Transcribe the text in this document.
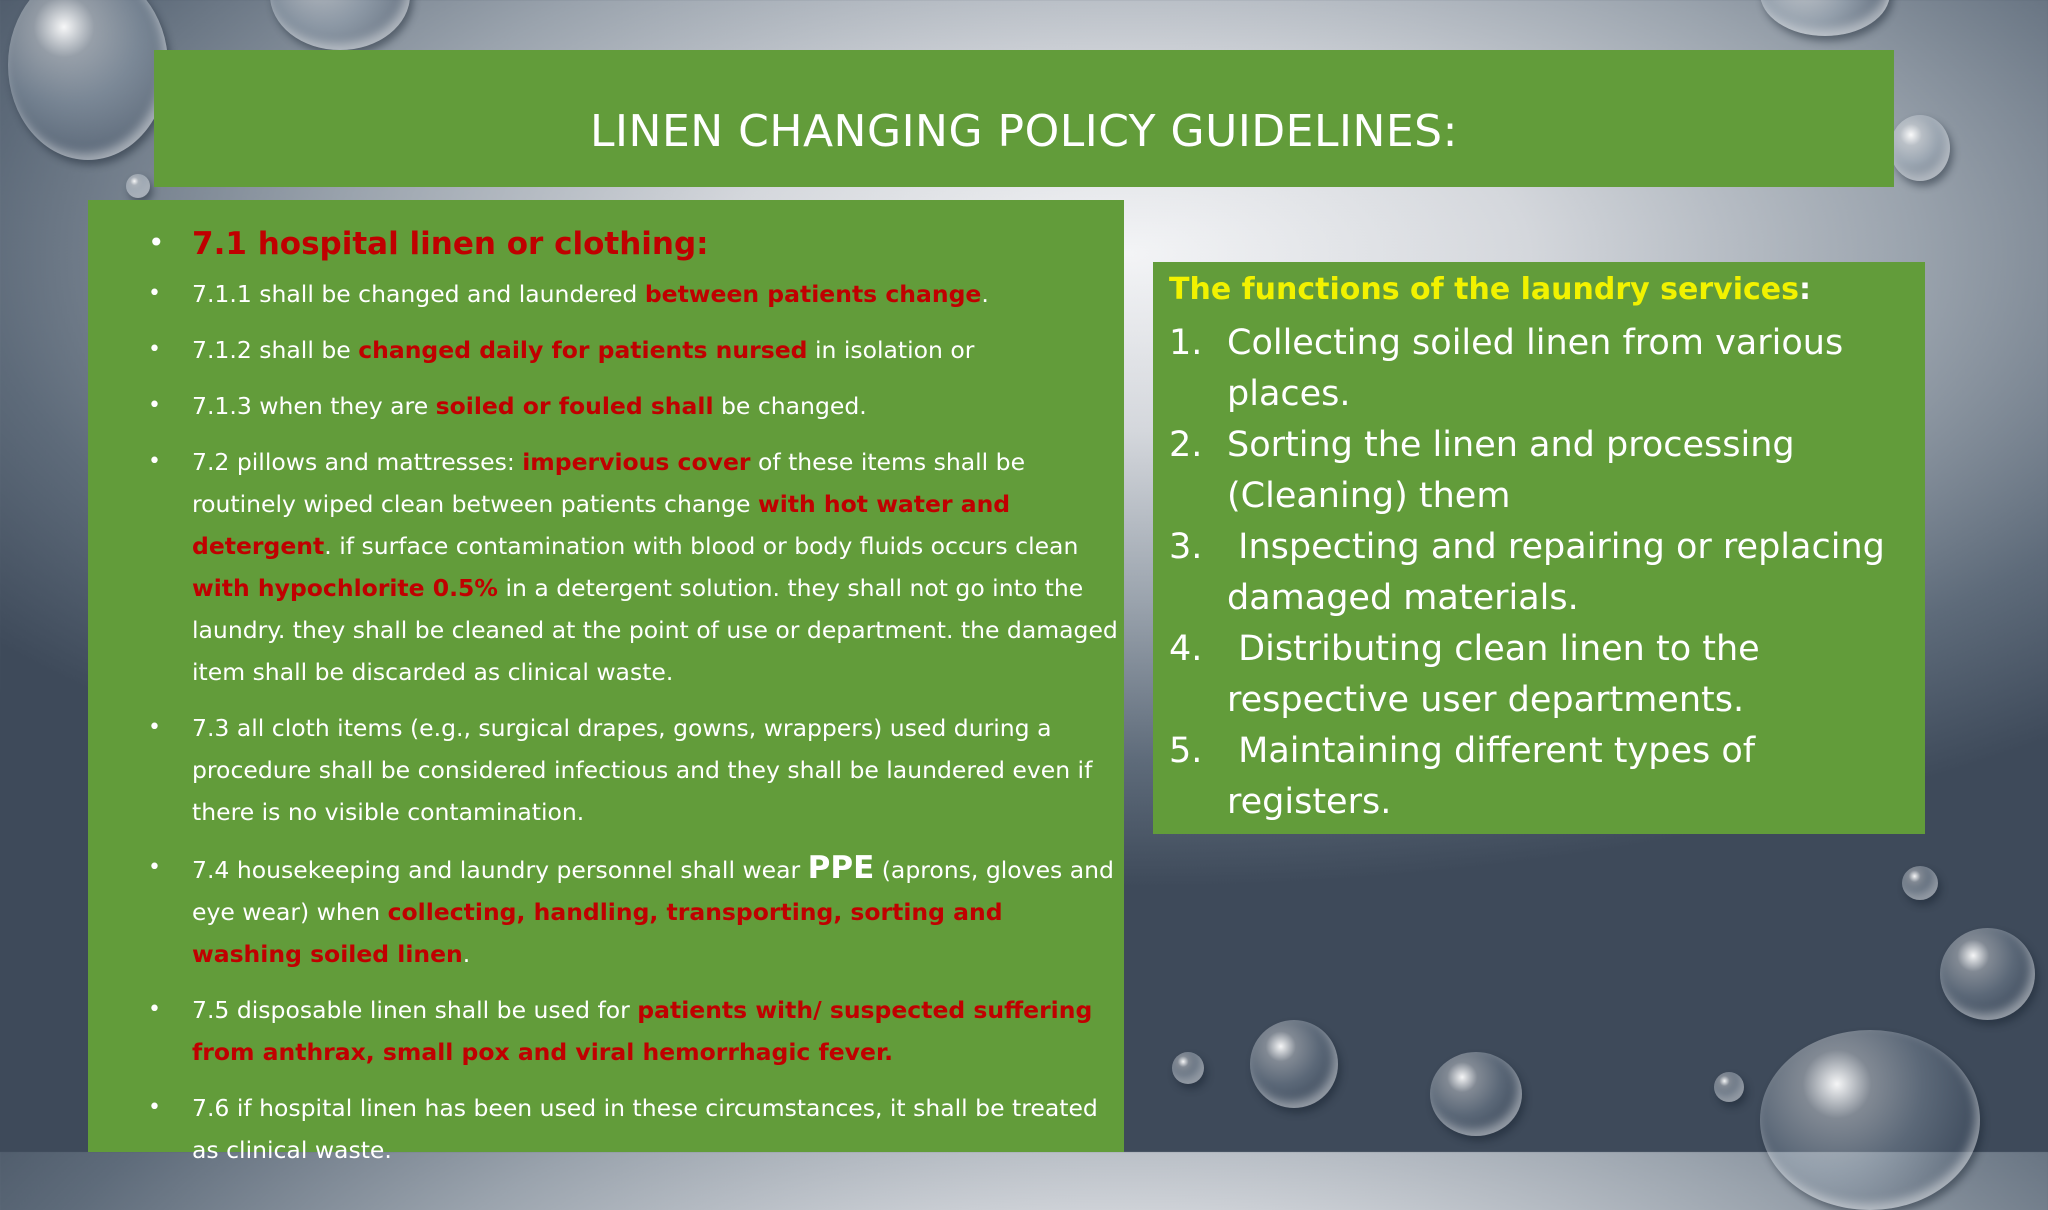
LINEN CHANGING POLICY GUIDELINES:
• 7.1 hospital linen or clothing:
• 7.1.1 shall be changed and laundered between patients change.
• 7.1.2 shall be changed daily for patients nursed in isolation or
• 7.1.3 when they are soiled or fouled shall be changed.
• 7.2 pillows and mattresses: impervious cover of these items shall be routinely wiped clean between patients change with hot water and detergent. if surface contamination with blood or body fluids occurs clean with hypochlorite 0.5% in a detergent solution. they shall not go into the laundry. they shall be cleaned at the point of use or department. the damaged item shall be discarded as clinical waste.
• 7.3 all cloth items (e.g., surgical drapes, gowns, wrappers) used during a procedure shall be considered infectious and they shall be laundered even if there is no visible contamination.
• 7.4 housekeeping and laundry personnel shall wear PPE (aprons, gloves and eye wear) when collecting, handling, transporting, sorting and washing soiled linen.
• 7.5 disposable linen shall be used for patients with/ suspected suffering from anthrax, small pox and viral hemorrhagic fever.
• 7.6 if hospital linen has been used in these circumstances, it shall be treated as clinical waste.
The functions of the laundry services:
1. Collecting soiled linen from various places.
2. Sorting the linen and processing (Cleaning) them
3. Inspecting and repairing or replacing damaged materials.
4. Distributing clean linen to the respective user departments.
5. Maintaining different types of registers.
